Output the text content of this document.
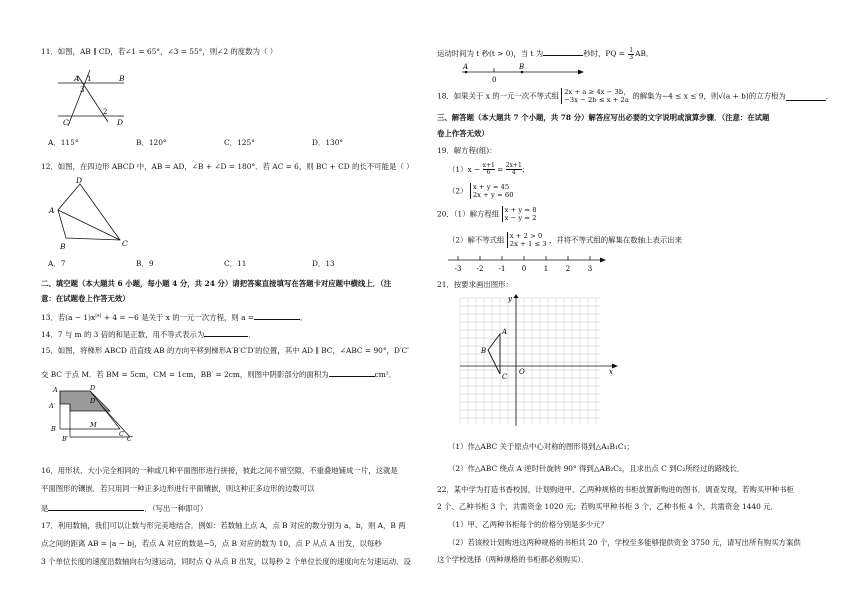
11．如图，AB ∥ CD，若∠1 = 65°，∠3 = 55°，则∠2 的度数为（ ）
A	B
C	D
1
3
2
A．115°	B．120°	C．125°	D．130°
12．如图，在四边形 ABCD 中，AB = AD，∠B + ∠D = 180°．若 AC = 6，则 BC + CD 的长不可能是（ ）
D
A
B	C
A．7	B．9	C．11	D．13
二、填空题（本大题共 6 小题，每小题 4 分，共 24 分）请把答案直接填写在答题卡对应题中横线上．（注
意：在试题卷上作答无效）
13．若$(a - 1)x^{|a|} + 4 = -6$ 是关于 x 的一元一次方程，则 a =	．
14．7 与 m 的 3 倍的和是正数，用不等式表示为	．
15．如图，将梯形 ABCD 沿直线 AB 的方向平移到梯形A′B′C′D′的位置，其中 AD ∥ BC，∠ABC = 90°，D′C′
交 BC 于点 M．若 BM = 5cm，CM = 1cm，BB′ = 2cm，则图中阴影部分的面积为	cm²．
A	D
D′
A′
B	M
C
B′	C′
16．用形状、大小完全相同的一种或几种平面图形进行拼接，彼此之间不留空隙、不重叠地铺成一片，这就是
平面图形的镶嵌．若只用同一种正多边形进行平面镶嵌，则这种正多边形的边数可以
是	．（写出一种即可）
17．利用数轴，我们可以让数与形完美地结合．例如：若数轴上点 A，点 B 对应的数分别为 a、b，则 A，B 两
点之间的距离 AB = |a − b|，若点 A 对应的数是−5，点 B 对应的数为 10，点 P 从点 A 出发，以每秒
3 个单位长度的速度沿数轴向右匀速运动，同时点 Q 从点 B 出发，以每秒 2 个单位长度的速度向左匀速运动．设
运动时间为 t 秒(t > 0)，当 t 为	秒时，PQ = $\frac{1}{3}$ AB．
A	B
0
18．如果关于 x 的一元一次不等式组 2x + a ≥ 4x − 3b，
−3x − 2b ≤ x + 2a 的解集为−4 ≤ x ≤ 9，则√(a + b)的立方根为	．
三、解答题（本大题共 7 个小题，共 78 分）解答应写出必要的文字说明或演算步骤．（注意：在试题
卷上作答无效）
19．解方程(组)：
$(1)x - \frac{x+1}{6} = \frac{2x+1}{4}$ ；
（2） x + y = 45
2x + y = 60
20．（1）解方程组 x + y = 8
x − y = 2
（2）解不等式组 x + 2 > 0
2x + 1 ≤ 3 ，并将不等式组的解集在数轴上表示出来
-3 -2 -1 0	1	2	3
21．按要求画出图形：
A
B
C
O	x
y
（1）作△ABC 关于原点中心对称的图形得到△A₁B₁C₁；
（2）作△ABC 绕点 A 逆时针旋转 90° 得到△AB₂C₂，且求出点 C 到C₂所经过的路线长．
22．某中学为打造书香校园，计划购进甲、乙两种规格的书柜放置新购进的图书．调查发现，若购买甲种书柜
2 个、乙种书柜 3 个，共需资金 1020 元；若购买甲种书柜 3 个，乙种书柜 4 个，共需资金 1440 元．
（1）甲、乙两种书柜每个的价格分别是多少元？
（2）若该校计划购进这两种规格的书柜共 20 个，学校至多能够提供资金 3750 元，请写出所有购买方案供
这个学校选择（两种规格的书柜都必须购买）．
